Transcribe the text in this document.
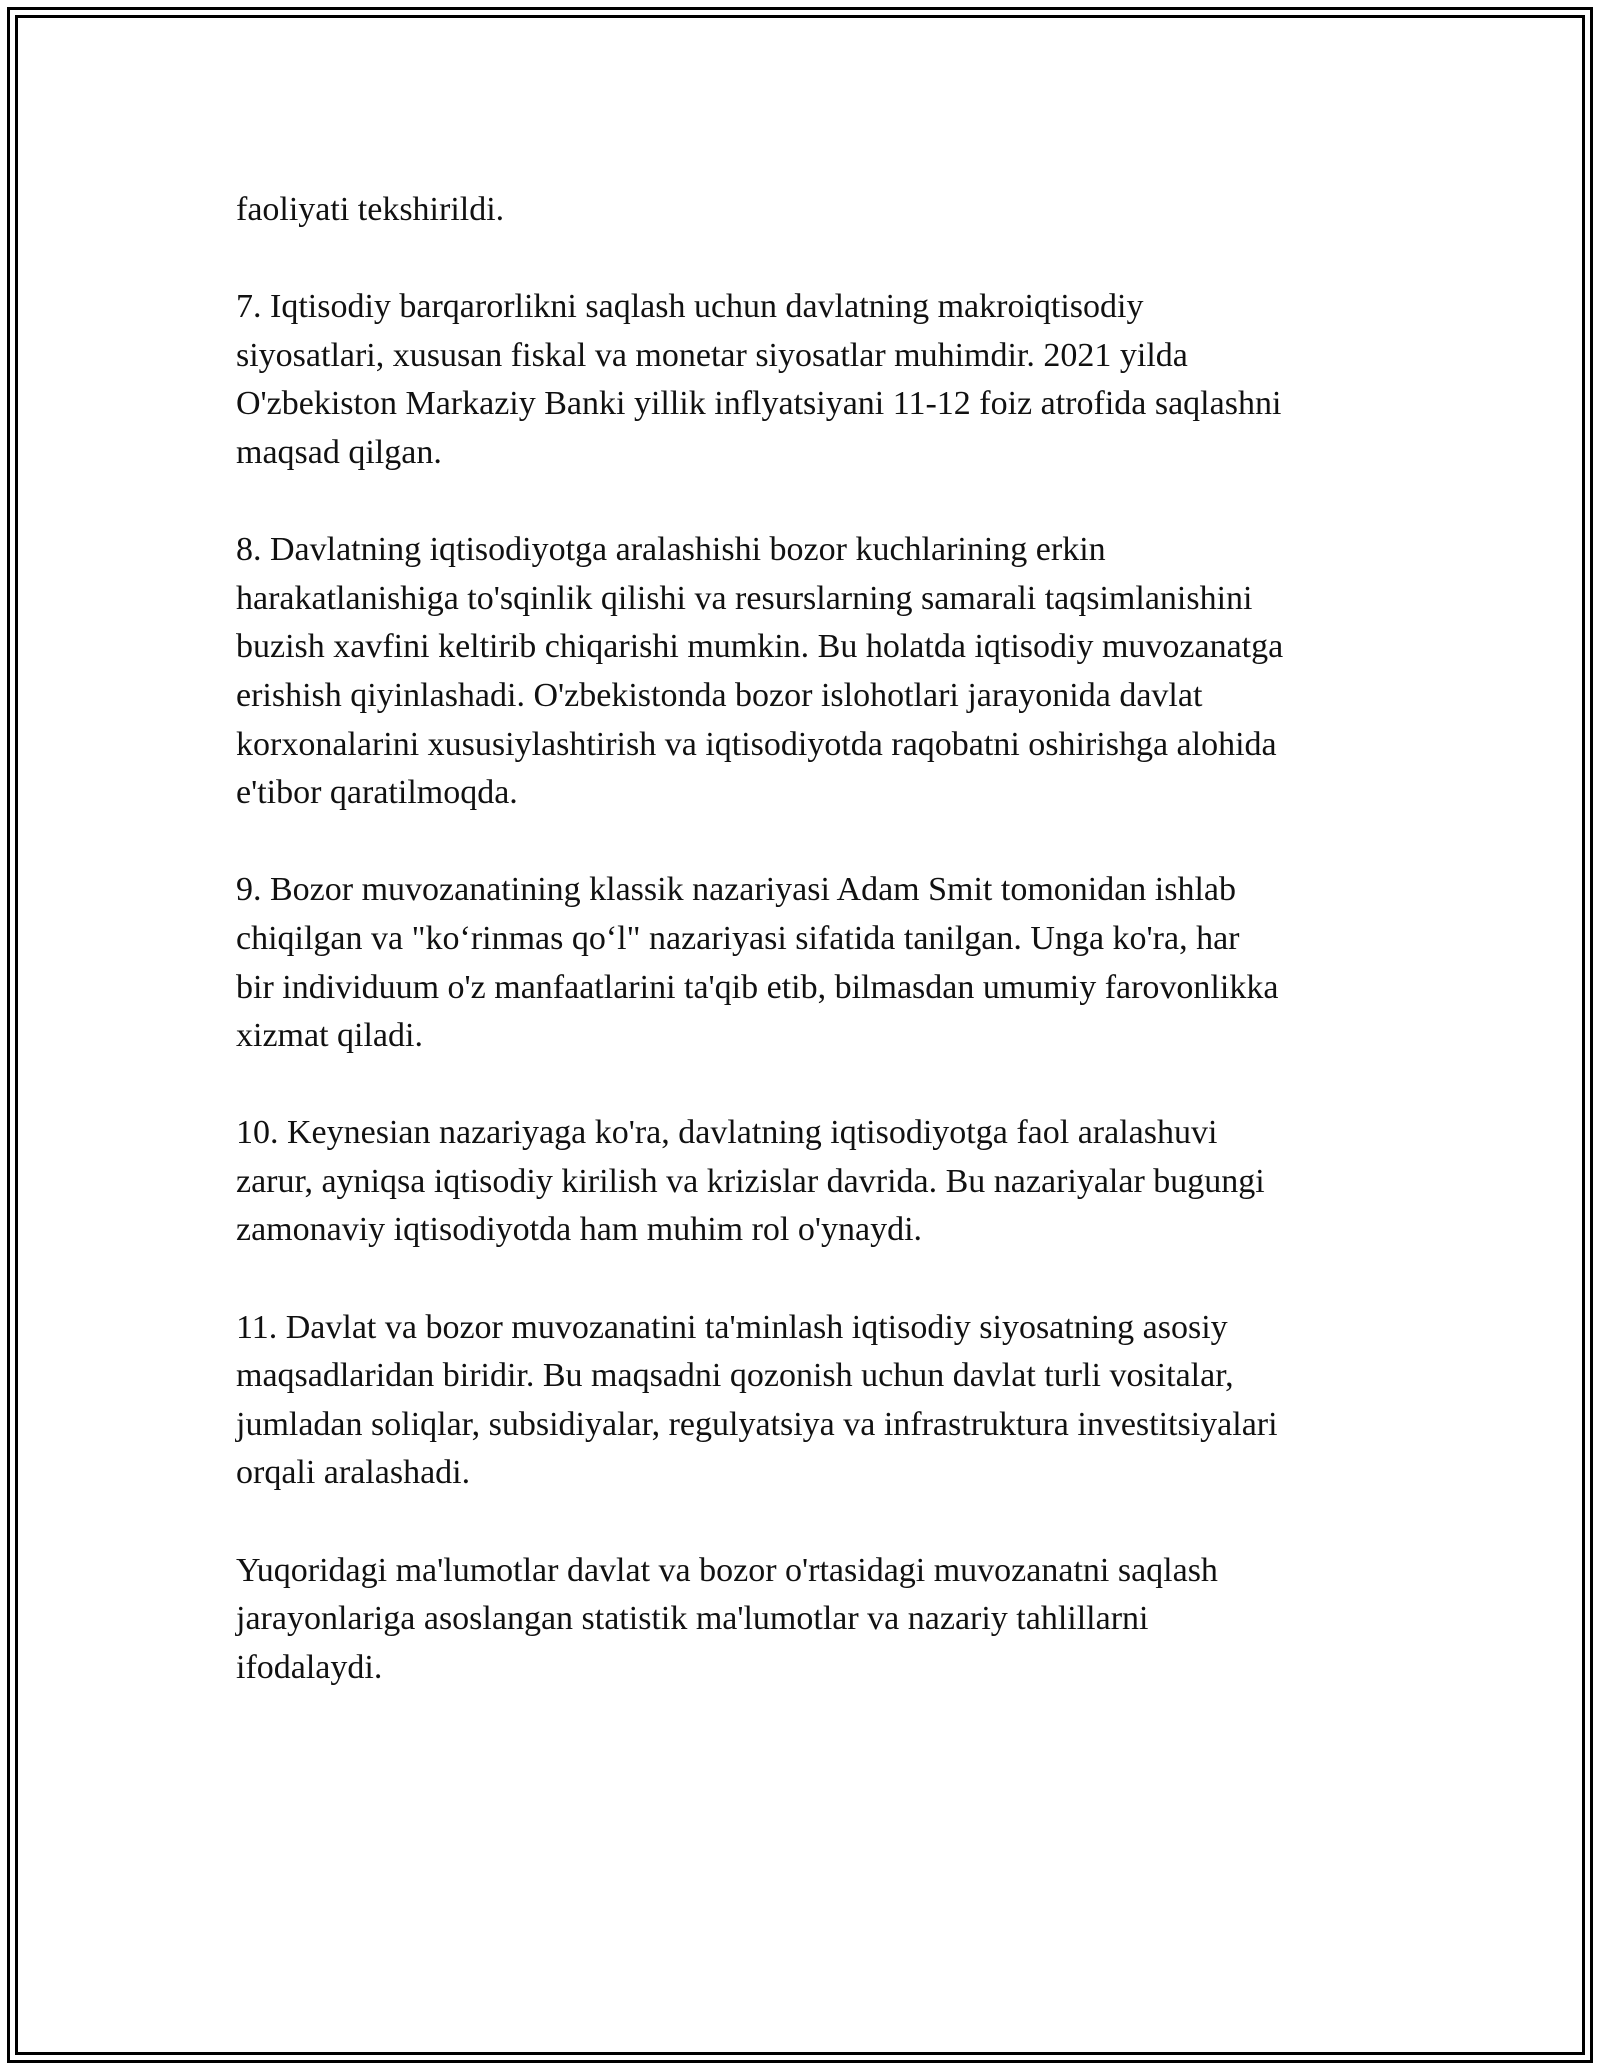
faoliyati tekshirildi.

7. Iqtisodiy barqarorlikni saqlash uchun davlatning makroiqtisodiy
siyosatlari, xususan fiskal va monetar siyosatlar muhimdir. 2021 yilda
O'zbekiston Markaziy Banki yillik inflyatsiyani 11-12 foiz atrofida saqlashni
maqsad qilgan.

8. Davlatning iqtisodiyotga aralashishi bozor kuchlarining erkin
harakatlanishiga to'sqinlik qilishi va resurslarning samarali taqsimlanishini
buzish xavfini keltirib chiqarishi mumkin. Bu holatda iqtisodiy muvozanatga
erishish qiyinlashadi. O'zbekistonda bozor islohotlari jarayonida davlat
korxonalarini xususiylashtirish va iqtisodiyotda raqobatni oshirishga alohida
e'tibor qaratilmoqda.

9. Bozor muvozanatining klassik nazariyasi Adam Smit tomonidan ishlab
chiqilgan va "ko‘rinmas qo‘l" nazariyasi sifatida tanilgan. Unga ko'ra, har
bir individuum o'z manfaatlarini ta'qib etib, bilmasdan umumiy farovonlikka
xizmat qiladi.

10. Keynesian nazariyaga ko'ra, davlatning iqtisodiyotga faol aralashuvi
zarur, ayniqsa iqtisodiy kirilish va krizislar davrida. Bu nazariyalar bugungi
zamonaviy iqtisodiyotda ham muhim rol o'ynaydi.

11. Davlat va bozor muvozanatini ta'minlash iqtisodiy siyosatning asosiy
maqsadlaridan biridir. Bu maqsadni qozonish uchun davlat turli vositalar,
jumladan soliqlar, subsidiyalar, regulyatsiya va infrastruktura investitsiyalari
orqali aralashadi.

Yuqoridagi ma'lumotlar davlat va bozor o'rtasidagi muvozanatni saqlash
jarayonlariga asoslangan statistik ma'lumotlar va nazariy tahlillarni
ifodalaydi.
